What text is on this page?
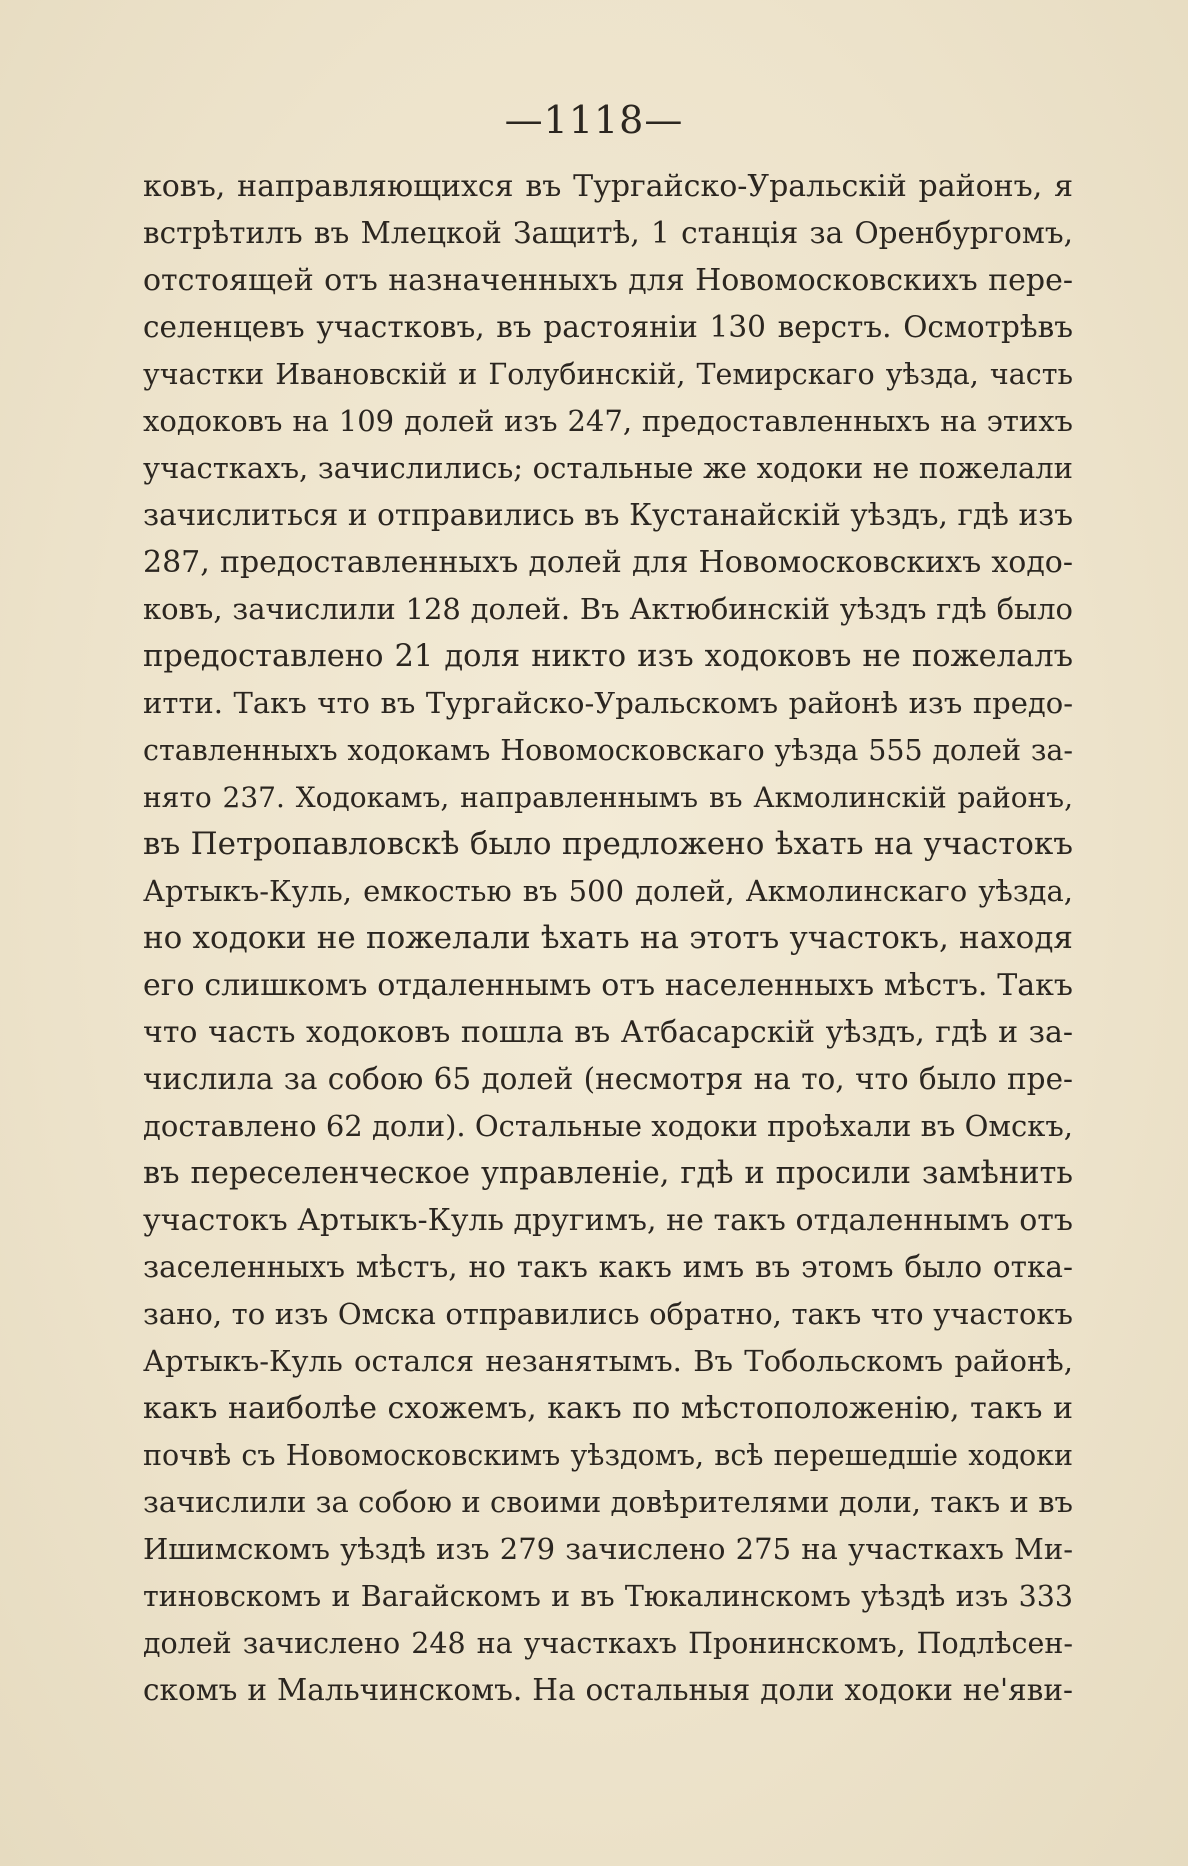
—1118—
ковъ, направляющихся въ Тургайско-Уральскій районъ, я
встрѣтилъ въ Млецкой Защитѣ, 1 станція за Оренбургомъ,
отстоящей отъ назначенныхъ для Новомосковскихъ пере-
селенцевъ участковъ, въ растояніи 130 верстъ. Осмотрѣвъ
участки Ивановскій и Голубинскій, Темирскаго уѣзда, часть
ходоковъ на 109 долей изъ 247, предоставленныхъ на этихъ
участкахъ, зачислились; остальные же ходоки не пожелали
зачислиться и отправились въ Кустанайскій уѣздъ, гдѣ изъ
287, предоставленныхъ долей для Новомосковскихъ ходо-
ковъ, зачислили 128 долей. Въ Актюбинскій уѣздъ гдѣ было
предоставлено 21 доля никто изъ ходоковъ не пожелалъ
итти. Такъ что въ Тургайско-Уральскомъ районѣ изъ предо-
ставленныхъ ходокамъ Новомосковскаго уѣзда 555 долей за-
нято 237. Ходокамъ, направленнымъ въ Акмолинскій районъ,
въ Петропавловскѣ было предложено ѣхать на участокъ
Артыкъ-Куль, емкостью въ 500 долей, Акмолинскаго уѣзда,
но ходоки не пожелали ѣхать на этотъ участокъ, находя
его слишкомъ отдаленнымъ отъ населенныхъ мѣстъ. Такъ
что часть ходоковъ пошла въ Атбасарскій уѣздъ, гдѣ и за-
числила за собою 65 долей (несмотря на то, что было пре-
доставлено 62 доли). Остальные ходоки проѣхали въ Омскъ,
въ переселенческое управленіе, гдѣ и просили замѣнить
участокъ Артыкъ-Куль другимъ, не такъ отдаленнымъ отъ
заселенныхъ мѣстъ, но такъ какъ имъ въ этомъ было отка-
зано, то изъ Омска отправились обратно, такъ что участокъ
Артыкъ-Куль остался незанятымъ. Въ Тобольскомъ районѣ,
какъ наиболѣе схожемъ, какъ по мѣстоположенію, такъ и
почвѣ съ Новомосковскимъ уѣздомъ, всѣ перешедшіе ходоки
зачислили за собою и своими довѣрителями доли, такъ и въ
Ишимскомъ уѣздѣ изъ 279 зачислено 275 на участкахъ Ми-
тиновскомъ и Вагайскомъ и въ Тюкалинскомъ уѣздѣ изъ 333
долей зачислено 248 на участкахъ Пронинскомъ, Подлѣсен-
скомъ и Мальчинскомъ. На остальныя доли ходоки не'яви-
